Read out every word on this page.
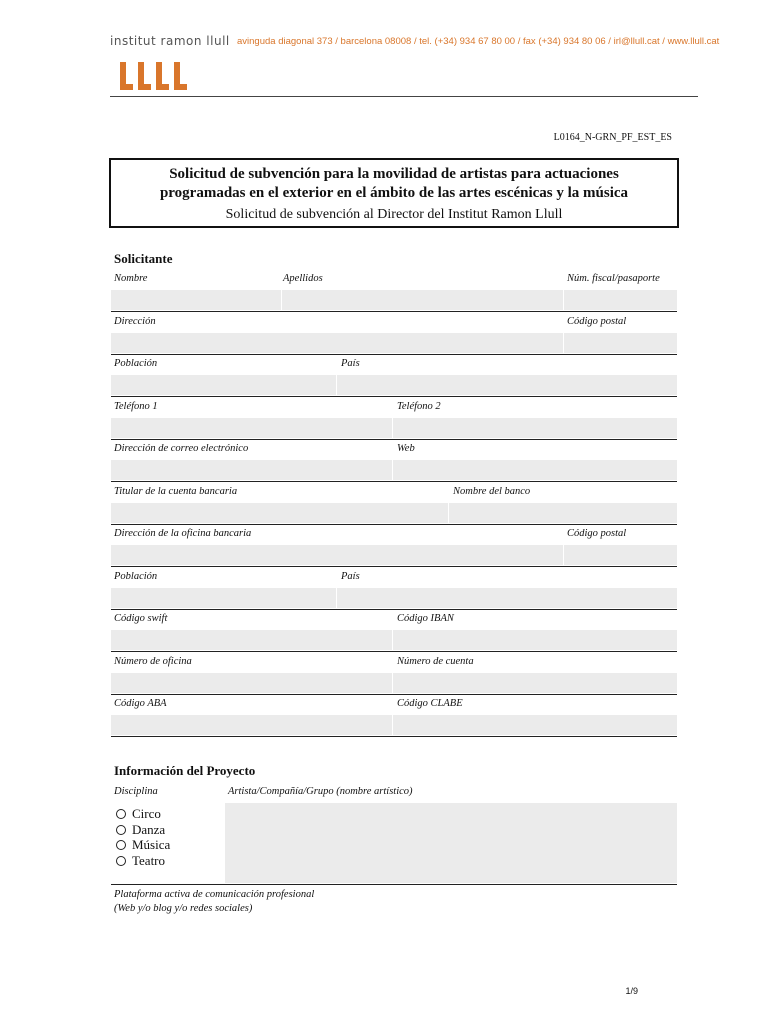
institut ramon llull avinguda diagonal 373 / barcelona 08008 / tel. (+34) 934 67 80 00 / fax (+34) 934 80 06 / irl@llull.cat / www.llull.cat
L0164_N-GRN_PF_EST_ES
Solicitud de subvención para la movilidad de artistas para actuaciones
programadas en el exterior en el ámbito de las artes escénicas y la música
Solicitud de subvención al Director del Institut Ramon Llull
Solicitante
Nombre	Apellidos	Núm. fiscal/pasaporte
Dirección	Código postal
Población	País
Teléfono 1	Teléfono 2
Dirección de correo electrónico	Web
Titular de la cuenta bancaria	Nombre del banco
Dirección de la oficina bancaria	Código postal
Población	País
Código swift	Código IBAN
Número de oficina	Número de cuenta
Código ABA	Código CLABE
Información del Proyecto
Disciplina	Artista/Compañía/Grupo (nombre artístico)
Circo
Danza
Música
Teatro
Plataforma activa de comunicación profesional
(Web y/o blog y/o redes sociales)
1/9
